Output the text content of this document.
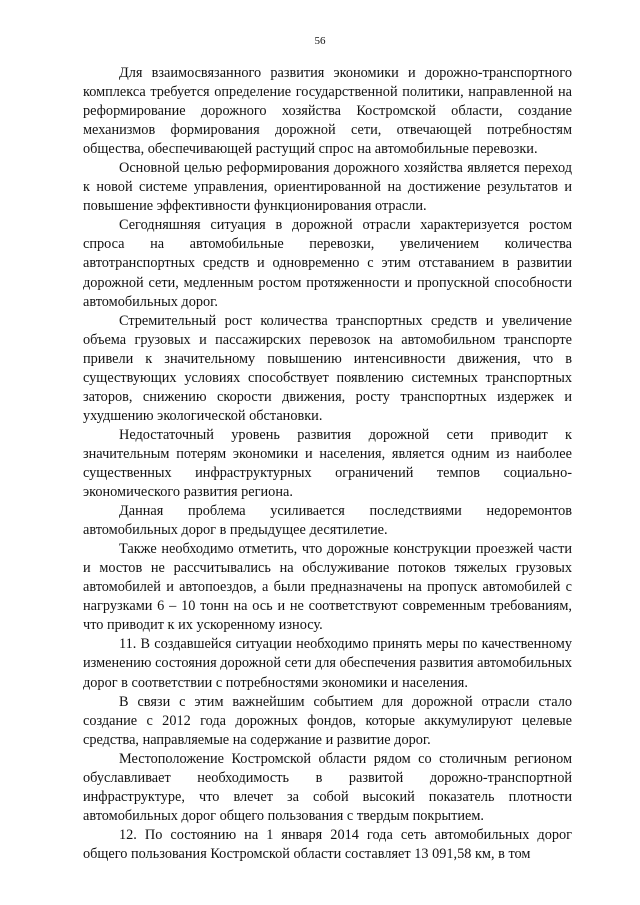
56

Для взаимосвязанного развития экономики и дорожно-транспортного комплекса требуется определение государственной политики, направленной на реформирование дорожного хозяйства Костромской области, создание механизмов формирования дорожной сети, отвечающей потребностям общества, обеспечивающей растущий спрос на автомобильные перевозки.

Основной целью реформирования дорожного хозяйства является переход к новой системе управления, ориентированной на достижение результатов и повышение эффективности функционирования отрасли.

Сегодняшняя ситуация в дорожной отрасли характеризуется ростом спроса на автомобильные перевозки, увеличением количества автотранспортных средств и одновременно с этим отставанием в развитии дорожной сети, медленным ростом протяженности и пропускной способности автомобильных дорог.

Стремительный рост количества транспортных средств и увеличение объема грузовых и пассажирских перевозок на автомобильном транспорте привели к значительному повышению интенсивности движения, что в существующих условиях способствует появлению системных транспортных заторов, снижению скорости движения, росту транспортных издержек и ухудшению экологической обстановки.

Недостаточный уровень развития дорожной сети приводит к значительным потерям экономики и населения, является одним из наиболее существенных инфраструктурных ограничений темпов социально-экономического развития региона.

Данная проблема усиливается последствиями недоремонтов автомобильных дорог в предыдущее десятилетие.

Также необходимо отметить, что дорожные конструкции проезжей части и мостов не рассчитывались на обслуживание потоков тяжелых грузовых автомобилей и автопоездов, а были предназначены на пропуск автомобилей с нагрузками 6 – 10 тонн на ось и не соответствуют современным требованиям, что приводит к их ускоренному износу.

11. В создавшейся ситуации необходимо принять меры по качественному изменению состояния дорожной сети для обеспечения развития автомобильных дорог в соответствии с потребностями экономики и населения.

В связи с этим важнейшим событием для дорожной отрасли стало создание с 2012 года дорожных фондов, которые аккумулируют целевые средства, направляемые на содержание и развитие дорог.

Местоположение Костромской области рядом со столичным регионом обуславливает необходимость в развитой дорожно-транспортной инфраструктуре, что влечет за собой высокий показатель плотности автомобильных дорог общего пользования с твердым покрытием.

12. По состоянию на 1 января 2014 года сеть автомобильных дорог общего пользования Костромской области составляет 13 091,58 км, в том
